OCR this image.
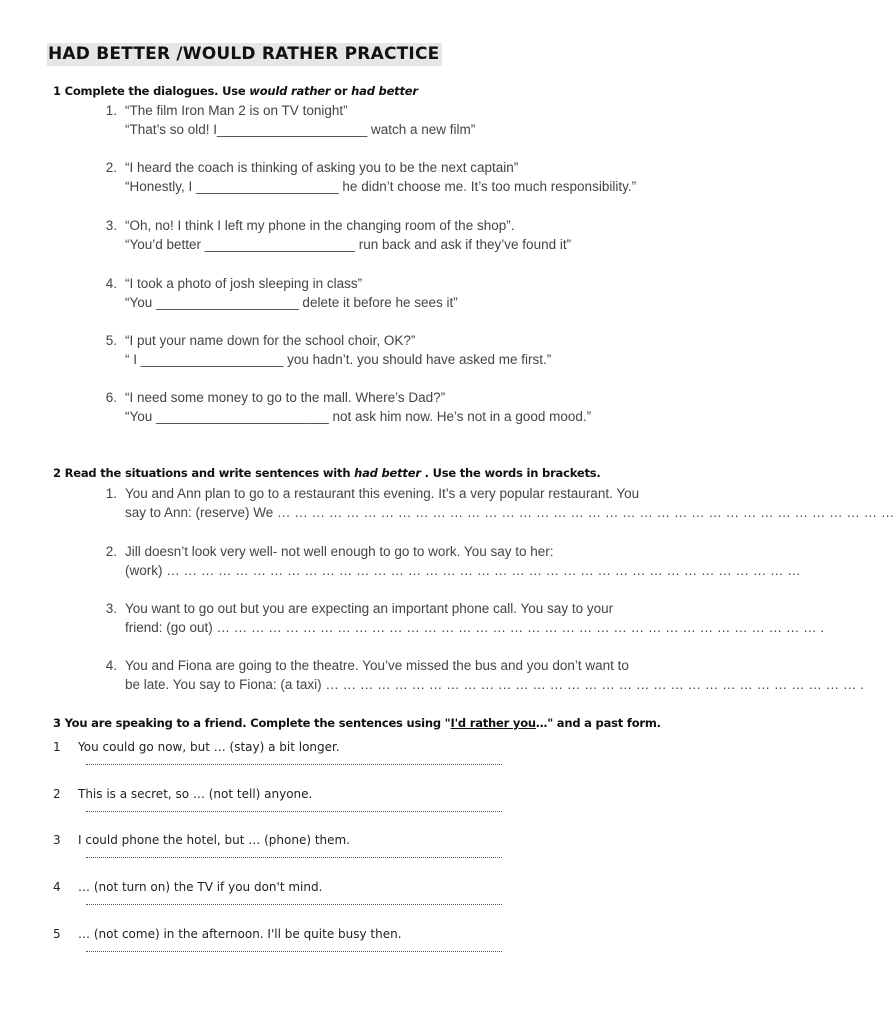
HAD BETTER /WOULD RATHER PRACTICE
1 Complete the dialogues. Use would rather or had better
1. “The film Iron Man 2 is on TV tonight”
“That’s so old! I____________________ watch a new film”
2. “I heard the coach is thinking of asking you to be the next captain”
“Honestly, I ___________________ he didn’t choose me. It’s too much responsibility.”
3. “Oh, no! I think I left my phone in the changing room of the shop”.
“You’d better ____________________ run back and ask if they’ve found it”
4. “I took a photo of josh sleeping in class”
“You ___________________ delete it before he sees it”
5. “I put your name down for the school choir, OK?”
“ I ___________________ you hadn’t. you should have asked me first.”
6. “I need some money to go to the mall. Where’s Dad?”
“You _______________________ not ask him now. He’s not in a good mood.”
2 Read the situations and write sentences with had better . Use the words in brackets.
1. You and Ann plan to go to a restaurant this evening. It’s a very popular restaurant. You
say to Ann: (reserve) We … … … … … … … … … … … … … … … … … … … … … … … … … … … … … … … … … … … …
2. Jill doesn’t look very well- not well enough to go to work. You say to her:
(work) … … … … … … … … … … … … … … … … … … … … … … … … … … … … … … … … … … … … …
3. You want to go out but you are expecting an important phone call. You say to your
friend: (go out) … … … … … … … … … … … … … … … … … … … … … … … … … … … … … … … … … … … .
4. You and Fiona are going to the theatre. You’ve missed the bus and you don’t want to
be late. You say to Fiona: (a taxi) … … … … … … … … … … … … … … … … … … … … … … … … … … … … … … … .
3 You are speaking to a friend. Complete the sentences using "I'd rather you…" and a past form.
1 You could go now, but … (stay) a bit longer.
2 This is a secret, so … (not tell) anyone.
3 I could phone the hotel, but … (phone) them.
4 … (not turn on) the TV if you don't mind.
5 … (not come) in the afternoon. I'll be quite busy then.
